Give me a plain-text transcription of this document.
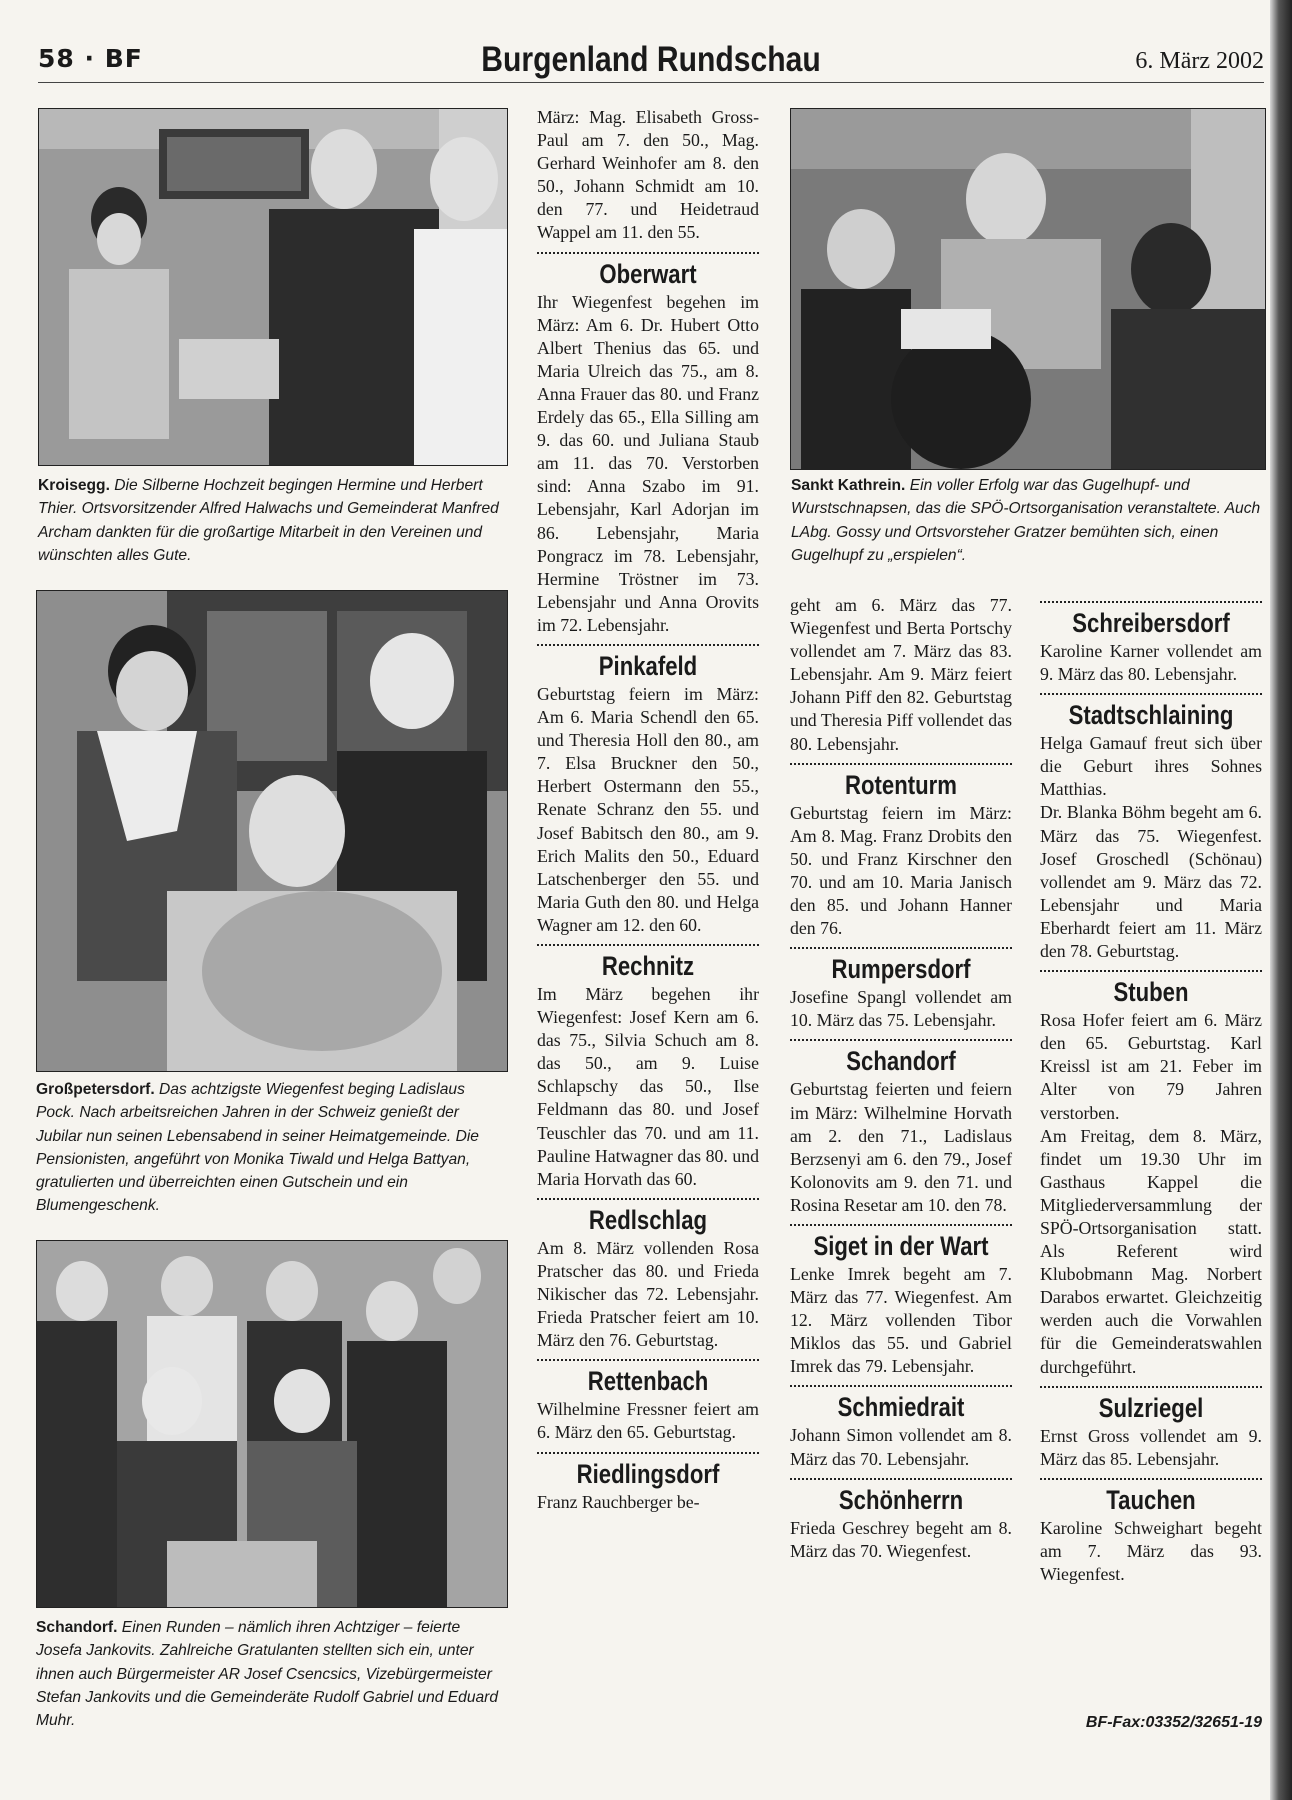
58 · BF	Burgenland Rundschau	6. März 2002
Kroisegg. Die Silberne Hochzeit begingen Hermine und Herbert Thier. Ortsvorsitzender Alfred Halwachs und Gemeinderat Manfred Archam dankten für die großartige Mitarbeit in den Vereinen und wünschten alles Gute.
Großpetersdorf. Das achtzigste Wiegenfest beging Ladislaus Pock. Nach arbeitsreichen Jahren in der Schweiz genießt der Jubilar nun seinen Lebensabend in seiner Heimatgemeinde. Die Pensionisten, angeführt von Monika Tiwald und Helga Battyan, gratulierten und überreichten einen Gutschein und ein Blumengeschenk.
Schandorf. Einen Runden – nämlich ihren Achtziger – feierte Josefa Jankovits. Zahlreiche Gratulanten stellten sich ein, unter ihnen auch Bürgermeister AR Josef Csencsics, Vizebürgermeister Stefan Jankovits und die Gemeinderäte Rudolf Gabriel und Eduard Muhr.
Sankt Kathrein. Ein voller Erfolg war das Gugelhupf- und Wurstschnapsen, das die SPÖ-Ortsorganisation veranstaltete. Auch LAbg. Gossy und Ortsvorsteher Gratzer bemühten sich, einen Gugelhupf zu „erspielen“.

März: Mag. Elisabeth Gross-Paul am 7. den 50., Mag. Gerhard Weinhofer am 8. den 50., Johann Schmidt am 10. den 77. und Heidetraud Wappel am 11. den 55.

Oberwart

Ihr Wiegenfest begehen im März: Am 6. Dr. Hubert Otto Albert Thenius das 65. und Maria Ulreich das 75., am 8. Anna Frauer das 80. und Franz Erdely das 65., Ella Silling am 9. das 60. und Juliana Staub am 11. das 70. Verstorben sind: Anna Szabo im 91. Lebensjahr, Karl Adorjan im 86. Lebensjahr, Maria Pongracz im 78. Lebensjahr, Hermine Tröstner im 73. Lebensjahr und Anna Orovits im 72. Lebensjahr.

Pinkafeld

Geburtstag feiern im März: Am 6. Maria Schendl den 65. und Theresia Holl den 80., am 7. Elsa Bruckner den 50., Herbert Ostermann den 55., Renate Schranz den 55. und Josef Babitsch den 80., am 9. Erich Malits den 50., Eduard Latschenberger den 55. und Maria Guth den 80. und Helga Wagner am 12. den 60.

Rechnitz

Im März begehen ihr Wiegenfest: Josef Kern am 6. das 75., Silvia Schuch am 8. das 50., am 9. Luise Schlapschy das 50., Ilse Feldmann das 80. und Josef Teuschler das 70. und am 11. Pauline Hatwagner das 80. und Maria Horvath das 60.

Redlschlag

Am 8. März vollenden Rosa Pratscher das 80. und Frieda Nikischer das 72. Lebensjahr. Frieda Pratscher feiert am 10. März den 76. Geburtstag.

Rettenbach

Wilhelmine Fressner feiert am 6. März den 65. Geburtstag.

Riedlingsdorf

Franz Rauchberger be-

geht am 6. März das 77. Wiegenfest und Berta Portschy vollendet am 7. März das 83. Lebensjahr. Am 9. März feiert Johann Piff den 82. Geburtstag und Theresia Piff vollendet das 80. Lebensjahr.

Rotenturm

Geburtstag feiern im März: Am 8. Mag. Franz Drobits den 50. und Franz Kirschner den 70. und am 10. Maria Janisch den 85. und Johann Hanner den 76.

Rumpersdorf

Josefine Spangl vollendet am 10. März das 75. Lebensjahr.

Schandorf

Geburtstag feierten und feiern im März: Wilhelmine Horvath am 2. den 71., Ladislaus Berzsenyi am 6. den 79., Josef Kolonovits am 9. den 71. und Rosina Resetar am 10. den 78.

Siget in der Wart

Lenke Imrek begeht am 7. März das 77. Wiegenfest. Am 12. März vollenden Tibor Miklos das 55. und Gabriel Imrek das 79. Lebensjahr.

Schmiedrait

Johann Simon vollendet am 8. März das 70. Lebensjahr.

Schönherrn

Frieda Geschrey begeht am 8. März das 70. Wiegenfest.

Schreibersdorf

Karoline Karner vollendet am 9. März das 80. Lebensjahr.

Stadtschlaining

Helga Gamauf freut sich über die Geburt ihres Sohnes Matthias.

Dr. Blanka Böhm begeht am 6. März das 75. Wiegenfest. Josef Groschedl (Schönau) vollendet am 9. März das 72. Lebensjahr und Maria Eberhardt feiert am 11. März den 78. Geburtstag.

Stuben

Rosa Hofer feiert am 6. März den 65. Geburtstag. Karl Kreissl ist am 21. Feber im Alter von 79 Jahren verstorben.

Am Freitag, dem 8. März, findet um 19.30 Uhr im Gasthaus Kappel die Mitgliederversammlung der SPÖ-Ortsorganisation statt. Als Referent wird Klubobmann Mag. Norbert Darabos erwartet. Gleichzeitig werden auch die Vorwahlen für die Gemeinderatswahlen durchgeführt.

Sulzriegel

Ernst Gross vollendet am 9. März das 85. Lebensjahr.

Tauchen

Karoline Schweighart begeht am 7. März das 93. Wiegenfest.

BF-Fax:03352/32651-19
